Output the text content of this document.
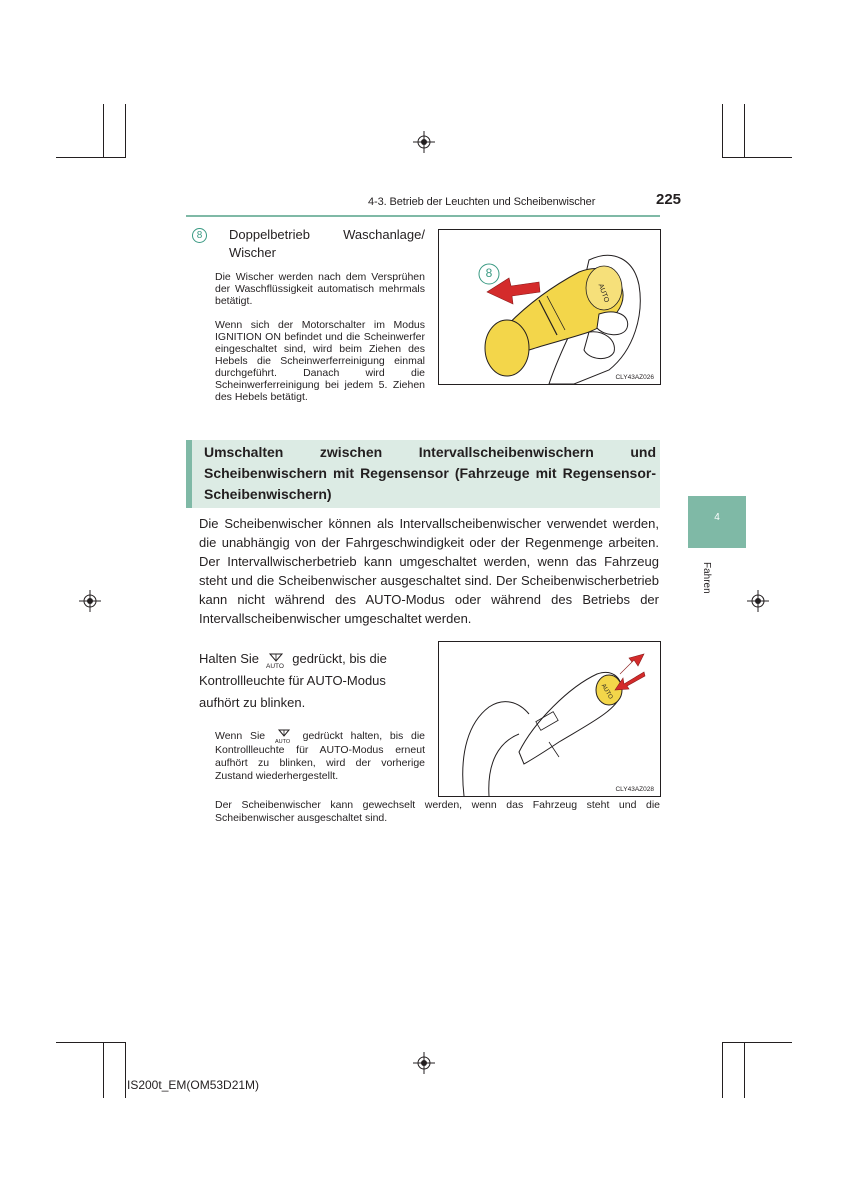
4-3. Betrieb der Leuchten und Scheibenwischer	225
8	Doppelbetrieb Waschanlage/ Wischer
Die Wischer werden nach dem Versprühen der Waschflüssigkeit automatisch mehrmals betätigt.
Wenn sich der Motorschalter im Modus IGNITION ON befindet und die Scheinwerfer eingeschaltet sind, wird beim Ziehen des Hebels die Scheinwerferreinigung einmal durchgeführt. Danach wird die Scheinwerferreinigung bei jedem 5. Ziehen des Hebels betätigt.
AUTO
8
CLY43AZ026
Umschalten zwischen Intervallscheibenwischern und Scheibenwischern mit Regensensor (Fahrzeuge mit Regensensor-Scheibenwischern)
4
Fahren
Die Scheibenwischer können als Intervallscheibenwischer verwendet werden, die unabhängig von der Fahrgeschwindigkeit oder der Regenmenge arbeiten. Der Intervallwischerbetrieb kann umgeschaltet werden, wenn das Fahrzeug steht und die Scheibenwischer ausgeschaltet sind. Der Scheibenwischerbetrieb kann nicht während des AUTO-Modus oder während des Betriebs der Intervallscheibenwischer umgeschaltet werden.
Halten Sie
AUTO
gedrückt, bis die Kontrollleuchte für AUTO-Modus aufhört zu blinken.
Wenn Sie
AUTO
gedrückt halten, bis die Kontrollleuchte für AUTO-Modus erneut aufhört zu blinken, wird der vorherige Zustand wiederhergestellt.
AUTO
CLY43AZ028
Der Scheibenwischer kann gewechselt werden, wenn das Fahrzeug steht und die Scheibenwischer ausgeschaltet sind.
IS200t_EM(OM53D21M)
